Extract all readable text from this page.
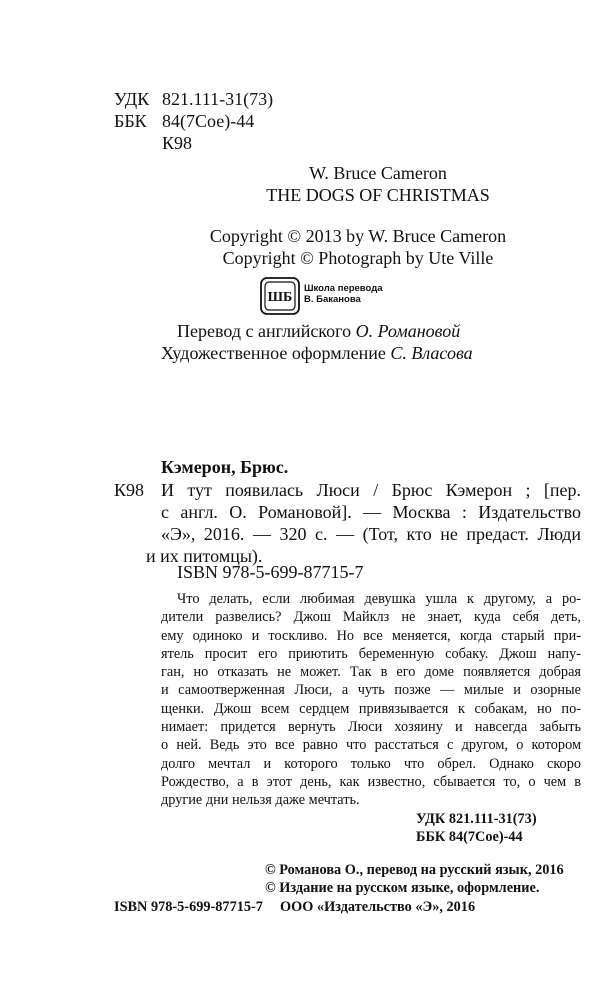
УДК 821.111-31(73)
ББК 84(7Сое)-44
К98
W. Bruce Cameron
THE DOGS OF CHRISTMAS
Copyright © 2013 by W. Bruce Cameron
Copyright © Photograph by Ute Ville
ШБ
Школа перевода
В. Баканова
Перевод с английского О. Романовой
Художественное оформление С. Власова
Кэмерон, Брюс.
К98 И тут появилась Люси / Брюс Кэмерон ; [пер.
с англ. О. Романовой]. — Москва : Издательство
«Э», 2016. — 320 с. — (Тот, кто не предаст. Люди
и их питомцы).
ISBN 978-5-699-87715-7
Что делать, если любимая девушка ушла к другому, а ро-
дители развелись? Джош Майклз не знает, куда себя деть,
ему одиноко и тоскливо. Но все меняется, когда старый при-
ятель просит его приютить беременную собаку. Джош напу-
ган, но отказать не может. Так в его доме появляется добрая
и самоотверженная Люси, а чуть позже — милые и озорные
щенки. Джош всем сердцем привязывается к собакам, но по-
нимает: придется вернуть Люси хозяину и навсегда забыть
о ней. Ведь это все равно что расстаться с другом, о котором
долго мечтал и которого только что обрел. Однако скоро
Рождество, а в этот день, как известно, сбывается то, о чем в
другие дни нельзя даже мечтать.
УДК 821.111-31(73)
ББК 84(7Сое)-44
© Романова О., перевод на русский язык, 2016
© Издание на русском языке, оформление.
ISBN 978-5-699-87715-7 ООО «Издательство «Э», 2016
